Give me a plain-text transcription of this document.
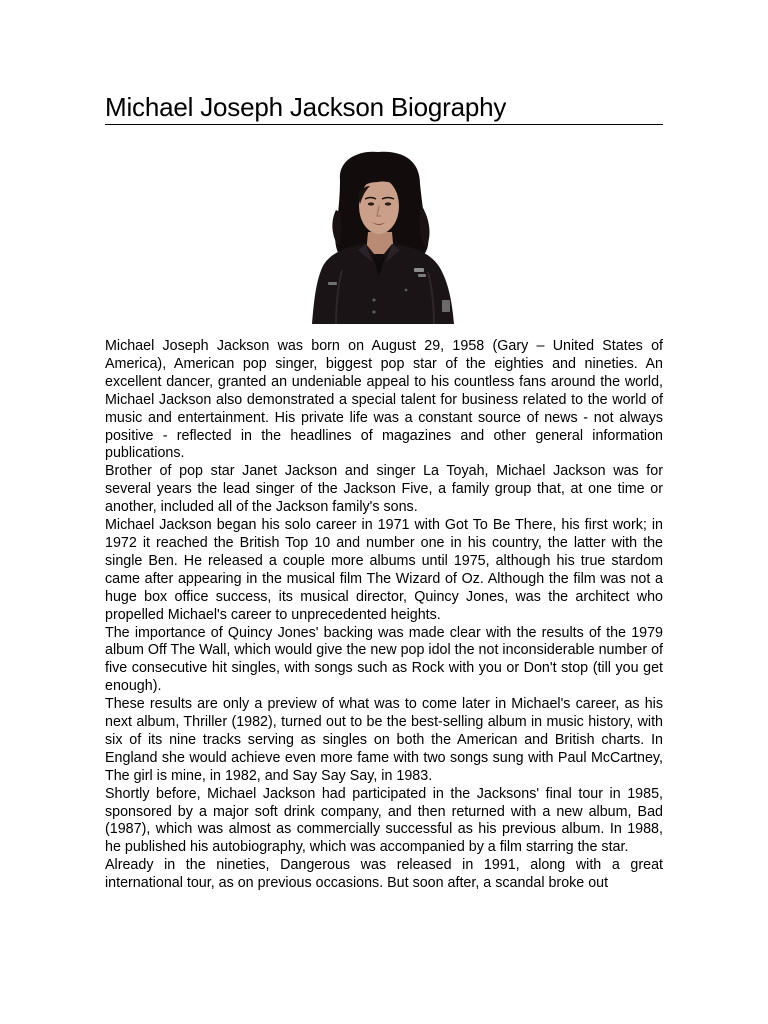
Michael Joseph Jackson Biography

Michael Joseph Jackson was born on August 29, 1958 (Gary – United States of America), American pop singer, biggest pop star of the eighties and nineties. An excellent dancer, granted an undeniable appeal to his countless fans around the world, Michael Jackson also demonstrated a special talent for business related to the world of music and entertainment. His private life was a constant source of news - not always positive - reflected in the headlines of magazines and other general information publications.

Brother of pop star Janet Jackson and singer La Toyah, Michael Jackson was for several years the lead singer of the Jackson Five, a family group that, at one time or another, included all of the Jackson family's sons.

Michael Jackson began his solo career in 1971 with Got To Be There, his first work; in 1972 it reached the British Top 10 and number one in his country, the latter with the single Ben. He released a couple more albums until 1975, although his true stardom came after appearing in the musical film The Wizard of Oz. Although the film was not a huge box office success, its musical director, Quincy Jones, was the architect who propelled Michael's career to unprecedented heights.

The importance of Quincy Jones' backing was made clear with the results of the 1979 album Off The Wall, which would give the new pop idol the not inconsiderable number of five consecutive hit singles, with songs such as Rock with you or Don't stop (till you get enough).

These results are only a preview of what was to come later in Michael's career, as his next album, Thriller (1982), turned out to be the best-selling album in music history, with six of its nine tracks serving as singles on both the American and British charts. In England she would achieve even more fame with two songs sung with Paul McCartney, The girl is mine, in 1982, and Say Say Say, in 1983.

Shortly before, Michael Jackson had participated in the Jacksons' final tour in 1985, sponsored by a major soft drink company, and then returned with a new album, Bad (1987), which was almost as commercially successful as his previous album. In 1988, he published his autobiography, which was accompanied by a film starring the star.

Already in the nineties, Dangerous was released in 1991, along with a great international tour, as on previous occasions. But soon after, a scandal broke out
